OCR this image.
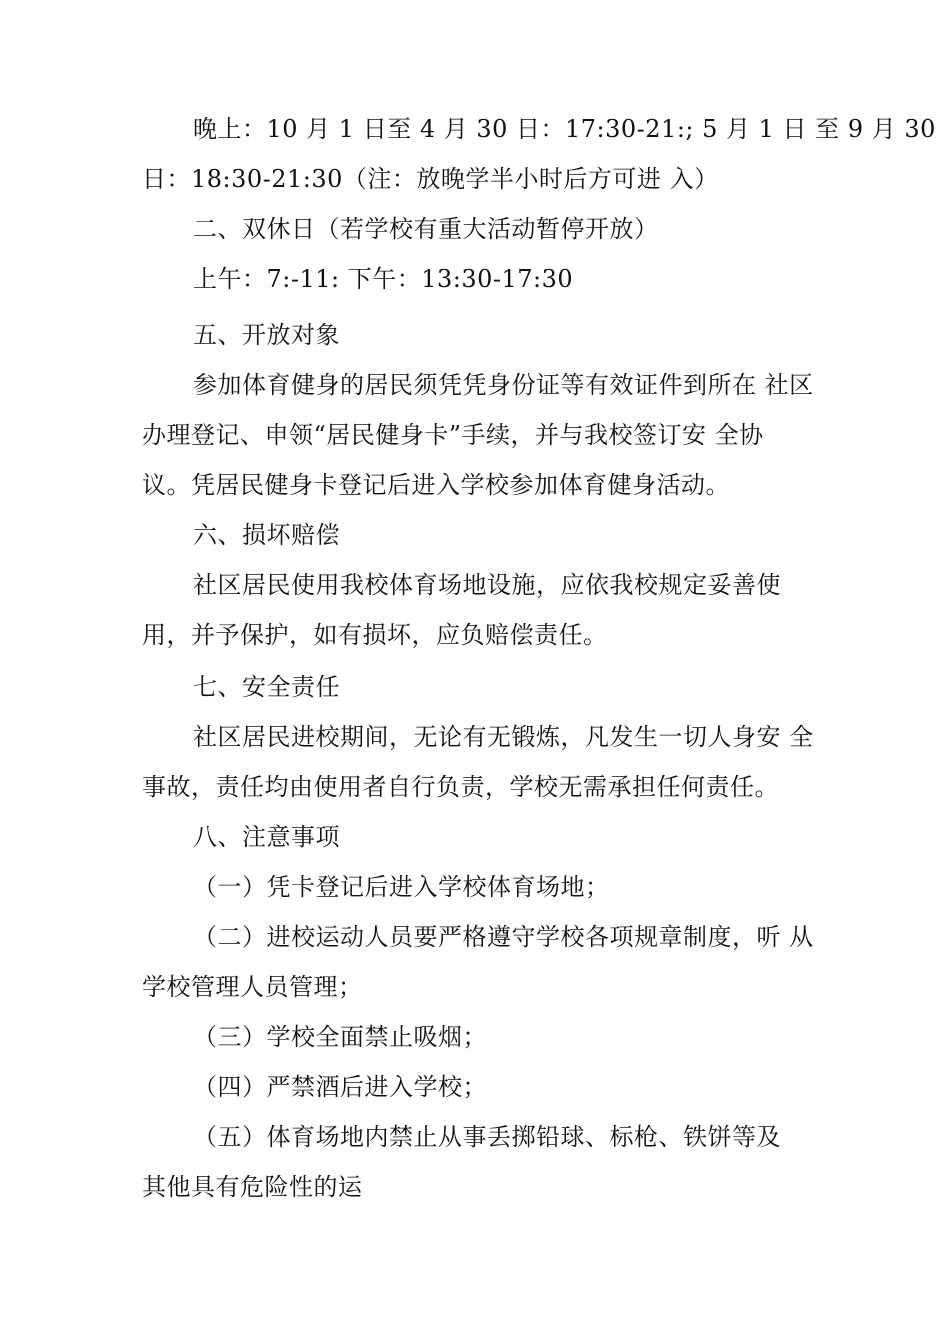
晚上：10 月 1 日至 4 月 30 日：17:30-21:; 5 月 1 日 至 9 月 30
日：18:30-21:30（注：放晚学半小时后方可进 入）
二、双休日（若学校有重大活动暂停开放）
上午：7:-11: 下午：13:30-17:30
五、开放对象
参加体育健身的居民须凭凭身份证等有效证件到所在 社区
办理登记、申领“居民健身卡”手续，并与我校签订安 全协
议。凭居民健身卡登记后进入学校参加体育健身活动。
六、损坏赔偿
社区居民使用我校体育场地设施，应依我校规定妥善使
用，并予保护，如有损坏，应负赔偿责任。
七、安全责任
社区居民进校期间，无论有无锻炼，凡发生一切人身安 全
事故，责任均由使用者自行负责，学校无需承担任何责任。
八、注意事项
（一）凭卡登记后进入学校体育场地；
（二）进校运动人员要严格遵守学校各项规章制度，听 从
学校管理人员管理；
（三）学校全面禁止吸烟；
（四）严禁酒后进入学校；
（五）体育场地内禁止从事丢掷铅球、标枪、铁饼等及
其他具有危险性的运
